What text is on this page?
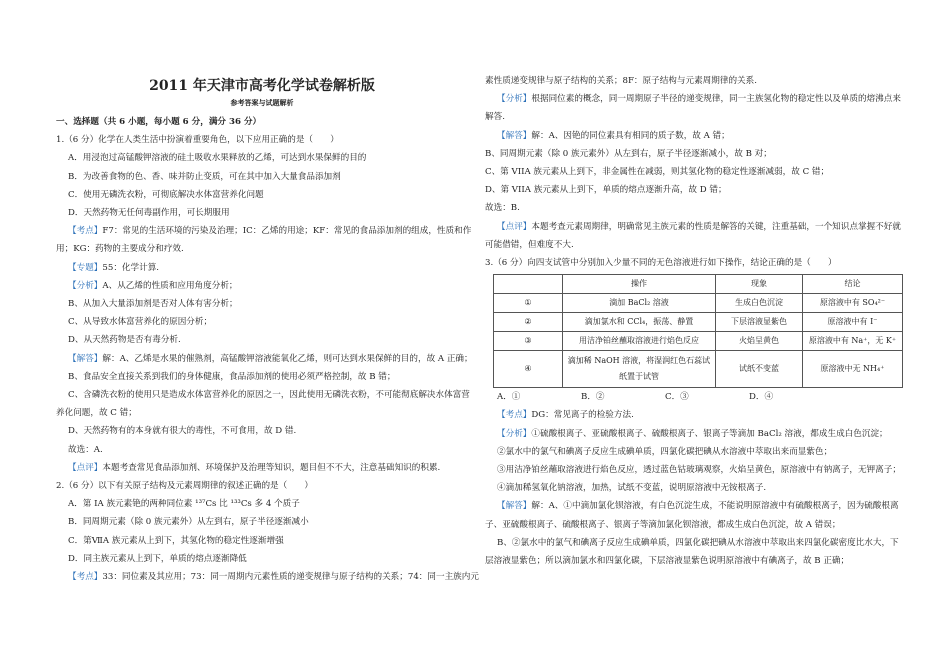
2011 年天津市高考化学试卷解析版
参考答案与试题解析

一、选择题（共 6 小题，每小题 6 分，满分 36 分）

1.（6 分）化学在人类生活中扮演着重要角色，以下应用正确的是（　　）

A．用浸泡过高锰酸钾溶液的硅土吸收水果释放的乙烯，可达到水果保鲜的目的

B．为改善食物的色、香、味并防止变质，可在其中加入大量食品添加剂

C．使用无磷洗衣粉，可彻底解决水体富营养化问题

D．天然药物无任何毒副作用，可长期服用

【考点】F7：常见的生活环境的污染及治理；IC：乙烯的用途；KF：常见的食品添加剂的组成，性质和作

用；KG：药物的主要成分和疗效.

【专题】55：化学计算.

【分析】A、从乙烯的性质和应用角度分析；

B、从加入大量添加剂是否对人体有害分析；

C、从导致水体富营养化的原因分析；

D、从天然药物是否有毒分析.

【解答】解：A、乙烯是水果的催熟剂，高锰酸钾溶液能氧化乙烯，则可达到水果保鲜的目的，故 A 正确；

B、食品安全直接关系到我们的身体健康，食品添加剂的使用必须严格控制，故 B 错；

C、含磷洗衣粉的使用只是造成水体富营养化的原因之一，因此使用无磷洗衣粉，不可能彻底解决水体富营

养化问题，故 C 错；

D、天然药物有的本身就有很大的毒性，不可食用，故 D 错.

故选：A.

【点评】本题考查常见食品添加剂、环境保护及治理等知识，题目但不不大，注意基础知识的积累.

2.（6 分）以下有关原子结构及元素周期律的叙述正确的是（　　）

A．第 IA 族元素铯的两种同位素 ¹³⁷Cs 比 ¹³³Cs 多 4 个质子

B．同周期元素（除 0 族元素外）从左到右，原子半径逐渐减小

C．第ⅦA 族元素从上到下，其氢化物的稳定性逐渐增强

D．同主族元素从上到下，单质的熔点逐渐降低

【考点】33：同位素及其应用；73：同一周期内元素性质的递变规律与原子结构的关系；74：同一主族内元

素性质递变规律与原子结构的关系；8F：原子结构与元素周期律的关系.

【分析】根据同位素的概念，同一周期原子半径的递变规律，同一主族氢化物的稳定性以及单质的熔沸点来

解答.

【解答】解：A、因铯的同位素具有相同的质子数，故 A 错；

B、同周期元素（除 0 族元素外）从左到右，原子半径逐渐减小，故 B 对；

C、第 VIIA 族元素从上到下，非金属性在减弱，则其氢化物的稳定性逐渐减弱，故 C 错；

D、第 VIIA 族元素从上到下，单质的熔点逐渐升高，故 D 错；

故选：B.

【点评】本题考查元素周期律，明确常见主族元素的性质是解答的关键，注重基础，一个知识点掌握不好就

可能借错，但难度不大.

3.（6 分）向四支试管中分别加入少量不同的无色溶液进行如下操作，结论正确的是（　　）

	操作	现象	结论
①	滴加 BaCl₂ 溶液	生成白色沉淀	原溶液中有 SO₄²⁻
②	滴加氯水和 CCl₄，振荡、静置	下层溶液显紫色	原溶液中有 I⁻
③	用洁净铂丝蘸取溶液进行焰色反应	火焰呈黄色	原溶液中有 Na⁺，无 K⁺
④	滴加稀 NaOH 溶液，将湿润红色石蕊试纸置于试管	试纸不变蓝	原溶液中无 NH₄⁺

A．①	B．②	C．③	D．④

【考点】DG：常见离子的检验方法.

【分析】①硫酸根离子、亚硫酸根离子、硫酸根离子、银离子等滴加 BaCl₂ 溶液，都成生成白色沉淀；

②氯水中的氯气和碘离子反应生成碘单质，四氯化碳把碘从水溶液中萃取出来而显紫色；

③用洁净铂丝蘸取溶液进行焰色反应，透过蓝色钴玻璃观察，火焰呈黄色，原溶液中有钠离子，无钾离子；

④滴加稀氢氧化钠溶液，加热，试纸不变蓝，说明原溶液中无铵根离子.

【解答】解：A、①中滴加氯化钡溶液，有白色沉淀生成，不能说明原溶液中有硫酸根离子，因为硫酸根离

子、亚硫酸根离子、硫酸根离子、银离子等滴加氯化钡溶液，都成生成白色沉淀，故 A 错误；

B、②氯水中的氯气和碘离子反应生成碘单质，四氯化碳把碘从水溶液中萃取出来四氯化碳密度比水大，下

层溶液显紫色；所以滴加氯水和四氯化碳，下层溶液显紫色说明原溶液中有碘离子，故 B 正确；
